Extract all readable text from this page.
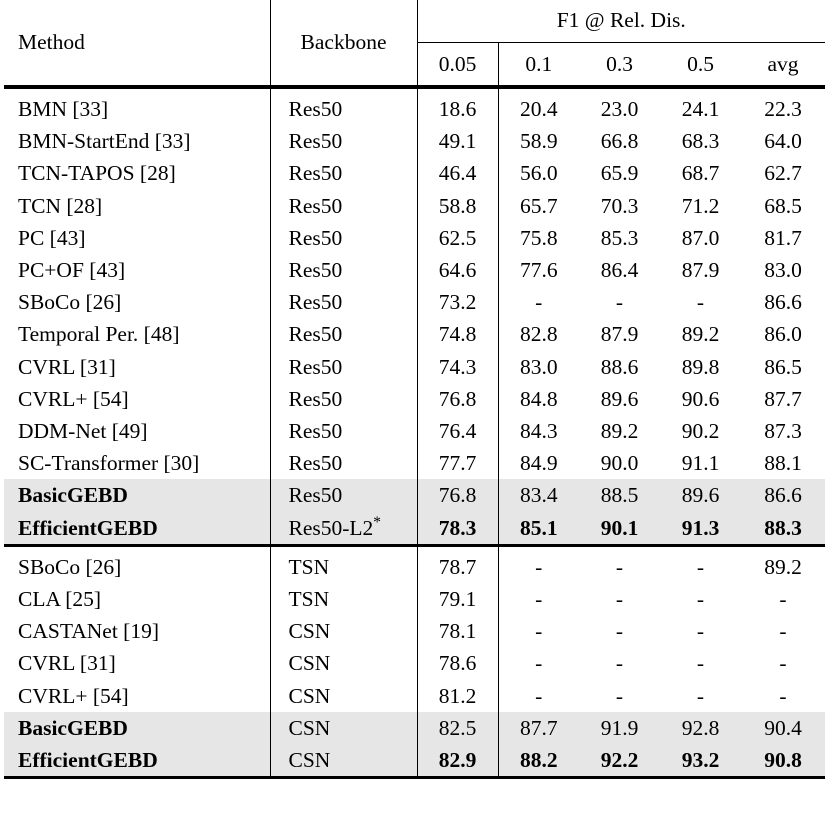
Method	Backbone	F1 @ Rel. Dis.				
		0.05	0.1	0.3	0.5	avg

BMN [33]	Res50	18.6	20.4	23.0	24.1	22.3
BMN-StartEnd [33]	Res50	49.1	58.9	66.8	68.3	64.0
TCN-TAPOS [28]	Res50	46.4	56.0	65.9	68.7	62.7
TCN [28]	Res50	58.8	65.7	70.3	71.2	68.5
PC [43]	Res50	62.5	75.8	85.3	87.0	81.7
PC+OF [43]	Res50	64.6	77.6	86.4	87.9	83.0
SBoCo [26]	Res50	73.2	-	-	-	86.6
Temporal Per. [48]	Res50	74.8	82.8	87.9	89.2	86.0
CVRL [31]	Res50	74.3	83.0	88.6	89.8	86.5
CVRL+ [54]	Res50	76.8	84.8	89.6	90.6	87.7
DDM-Net [49]	Res50	76.4	84.3	89.2	90.2	87.3
SC-Transformer [30]	Res50	77.7	84.9	90.0	91.1	88.1
BasicGEBD	Res50	76.8	83.4	88.5	89.6	86.6
EfficientGEBD	Res50-L2*	78.3	85.1	90.1	91.3	88.3

SBoCo [26]	TSN	78.7	-	-	-	89.2
CLA [25]	TSN	79.1	-	-	-	-
CASTANet [19]	CSN	78.1	-	-	-	-
CVRL [31]	CSN	78.6	-	-	-	-
CVRL+ [54]	CSN	81.2	-	-	-	-
BasicGEBD	CSN	82.5	87.7	91.9	92.8	90.4
EfficientGEBD	CSN	82.9	88.2	92.2	93.2	90.8
